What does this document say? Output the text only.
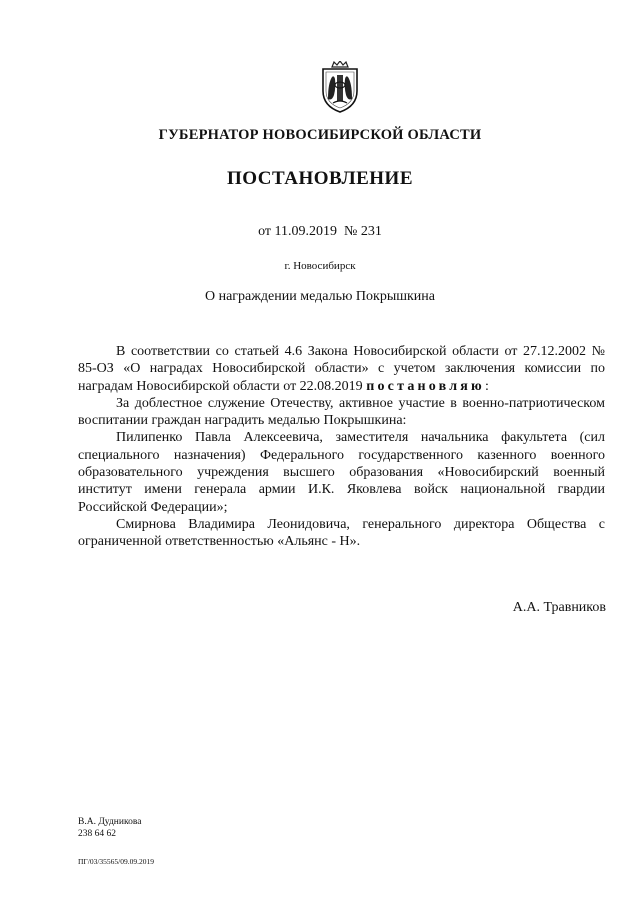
ГУБЕРНАТОР НОВОСИБИРСКОЙ ОБЛАСТИ
ПОСТАНОВЛЕНИЕ
от 11.09.2019  № 231
г. Новосибирск
О награждении медалью Покрышкина

В соответствии со статьей 4.6 Закона Новосибирской области от 27.12.2002 № 85-ОЗ «О наградах Новосибирской области» с учетом заключения комиссии по наградам Новосибирской области от 22.08.2019 постановляю:

За доблестное служение Отечеству, активное участие в военно-патриотическом воспитании граждан наградить медалью Покрышкина:

Пилипенко Павла Алексеевича, заместителя начальника факультета (сил специального назначения) Федерального государственного казенного военного образовательного учреждения высшего образования «Новосибирский военный институт имени генерала армии И.К. Яковлева войск национальной гвардии Российской Федерации»;

Смирнова Владимира Леонидовича, генерального директора Общества с ограниченной ответственностью «Альянс - Н».

А.А. Травников
В.А. Дудникова
238 64 62
ПГ/03/35565/09.09.2019
